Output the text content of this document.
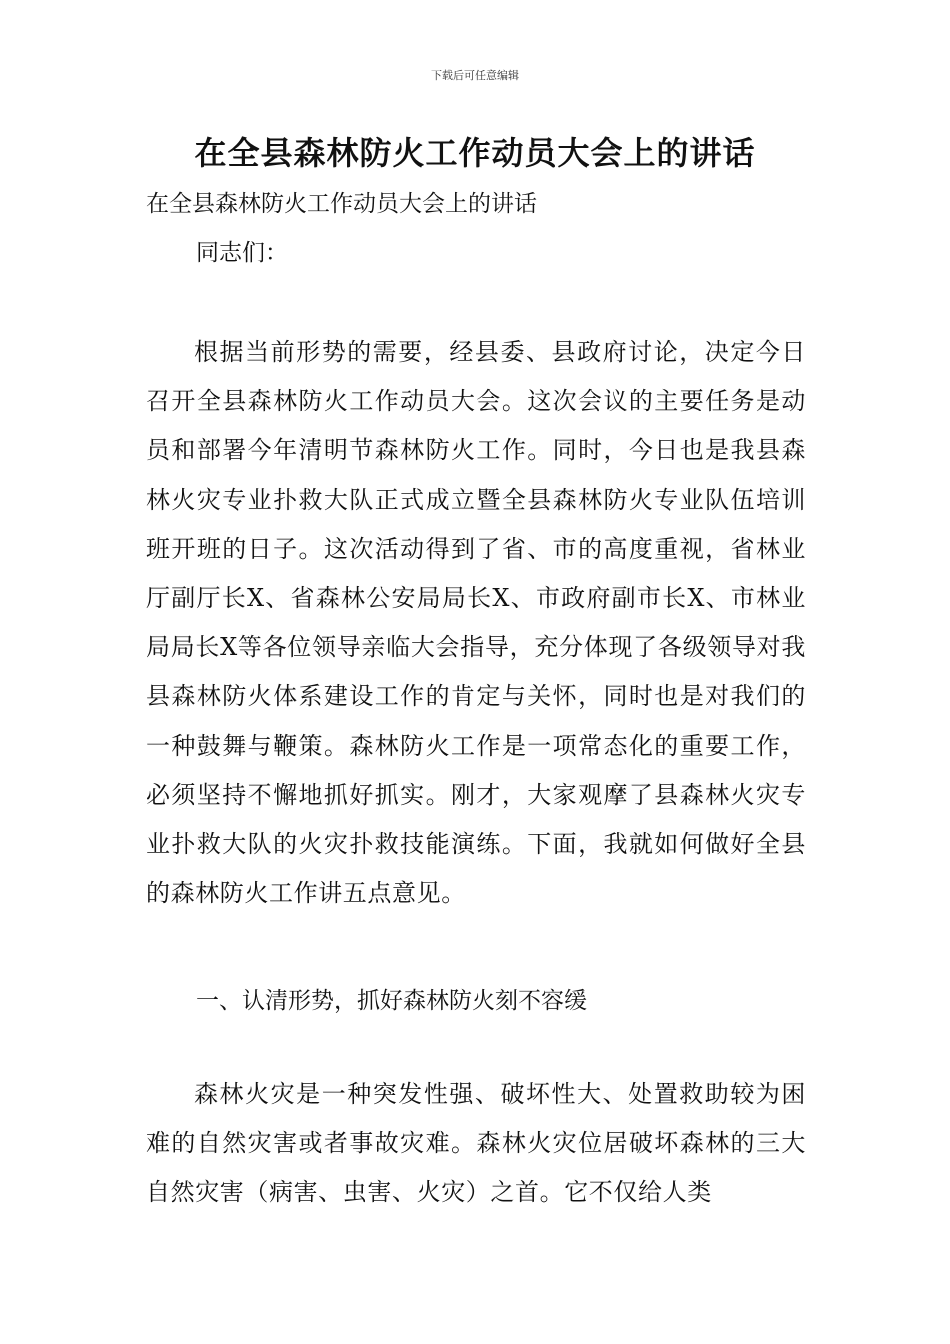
下载后可任意编辑
在全县森林防火工作动员大会上的讲话
在全县森林防火工作动员大会上的讲话
同志们：

根据当前形势的需要，经县委、县政府讨论，决定今日召开全县森林防火工作动员大会。这次会议的主要任务是动员和部署今年清明节森林防火工作。同时，今日也是我县森林火灾专业扑救大队正式成立暨全县森林防火专业队伍培训班开班的日子。这次活动得到了省、市的高度重视，省林业厅副厅长X、省森林公安局局长X、市政府副市长X、市林业局局长X等各位领导亲临大会指导，充分体现了各级领导对我县森林防火体系建设工作的肯定与关怀，同时也是对我们的一种鼓舞与鞭策。森林防火工作是一项常态化的重要工作，必须坚持不懈地抓好抓实。刚才，大家观摩了县森林火灾专业扑救大队的火灾扑救技能演练。下面，我就如何做好全县的森林防火工作讲五点意见。

一、认清形势，抓好森林防火刻不容缓

森林火灾是一种突发性强、破坏性大、处置救助较为困难的自然灾害或者事故灾难。森林火灾位居破坏森林的三大自然灾害（病害、虫害、火灾）之首。它不仅给人类
